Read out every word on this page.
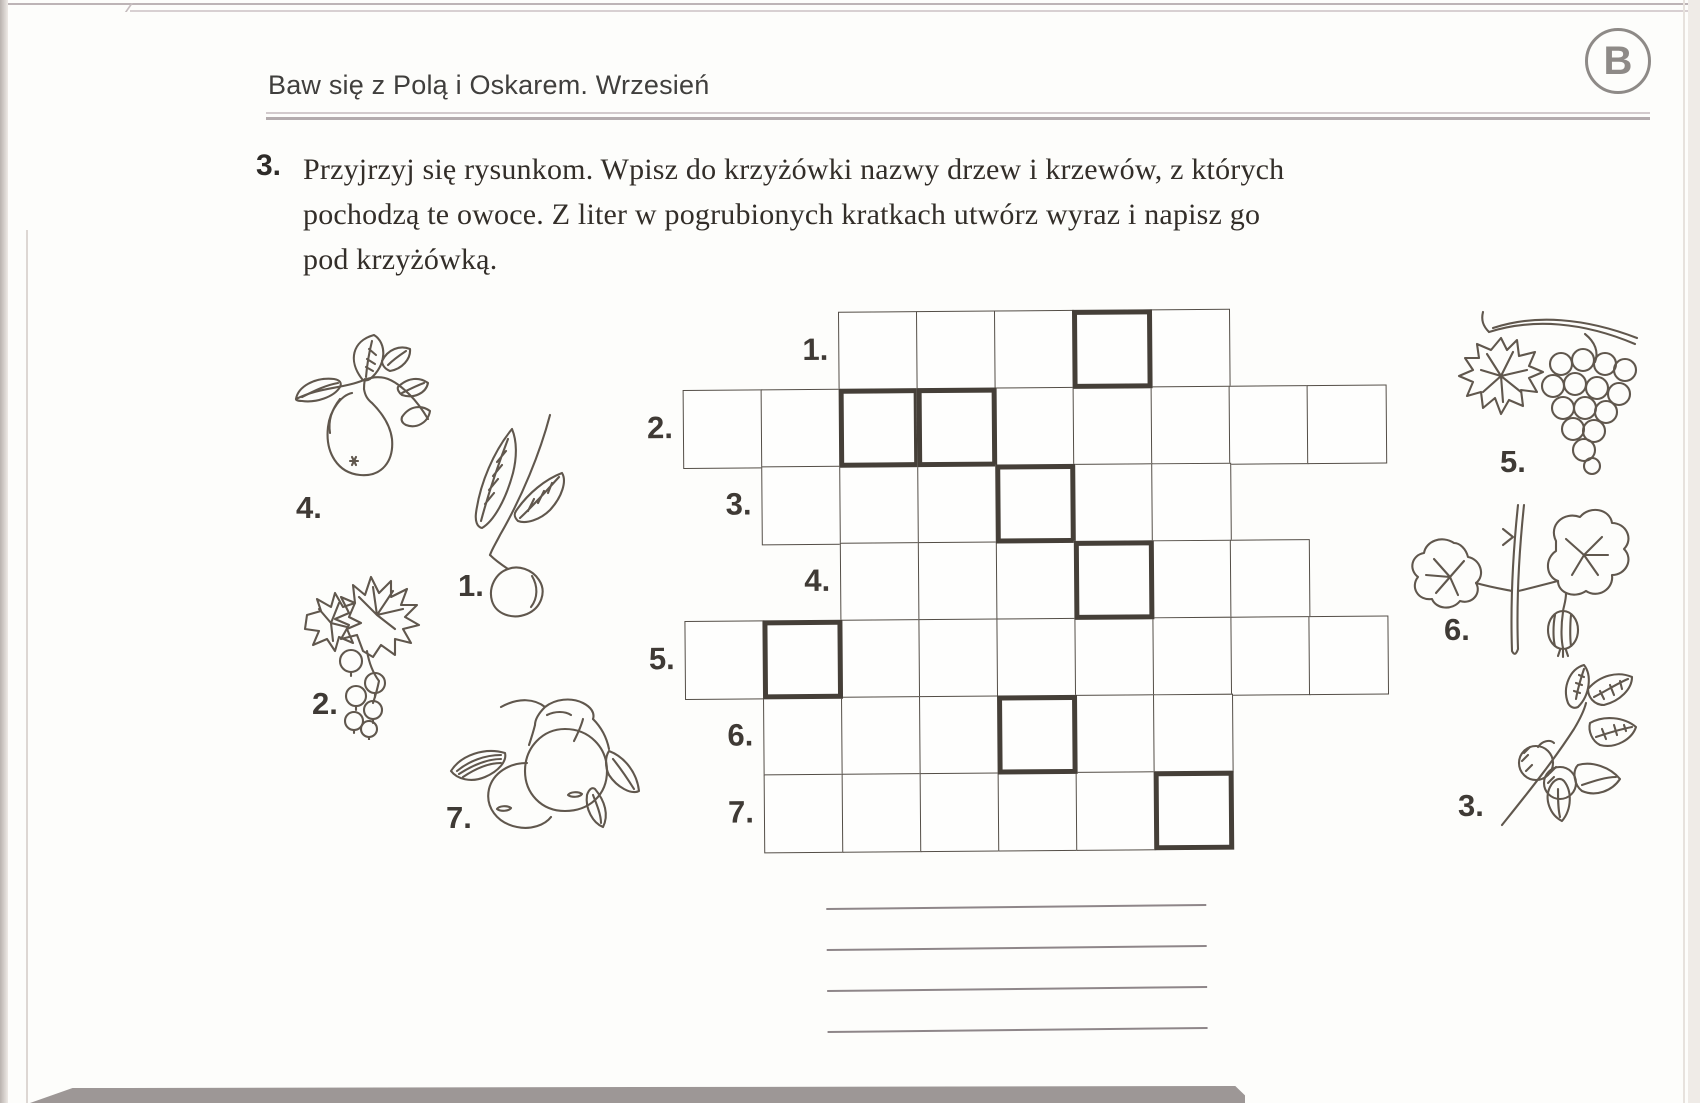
Baw się z Polą i Oskarem. Wrzesień
B
3. Przyjrzyj się rysunkom. Wpisz do krzyżówki nazwy drzew i krzewów, z których
pochodzą te owoce. Z liter w pogrubionych kratkach utwórz wyraz i napisz go
pod krzyżówką.
1.
2.
3.
4.
5.
6.
7.
4.
1.
2.
7.
5.
6.
3.
